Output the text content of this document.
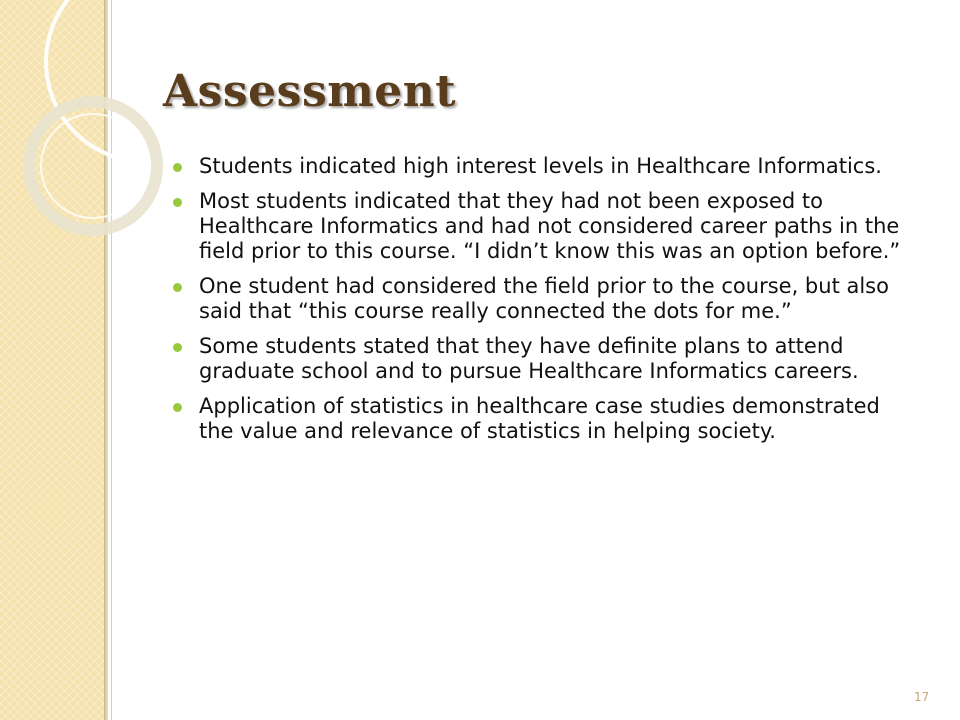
Assessment
Students indicated high interest levels in Healthcare Informatics.
Most students indicated that they had not been exposed to Healthcare Informatics and had not considered career paths in the field prior to this course. “I didn’t know this was an option before.”
One student had considered the field prior to the course, but also said that “this course really connected the dots for me.”
Some students stated that they have definite plans to attend graduate school and to pursue Healthcare Informatics careers.
Application of statistics in healthcare case studies demonstrated the value and relevance of statistics in helping society.
17
